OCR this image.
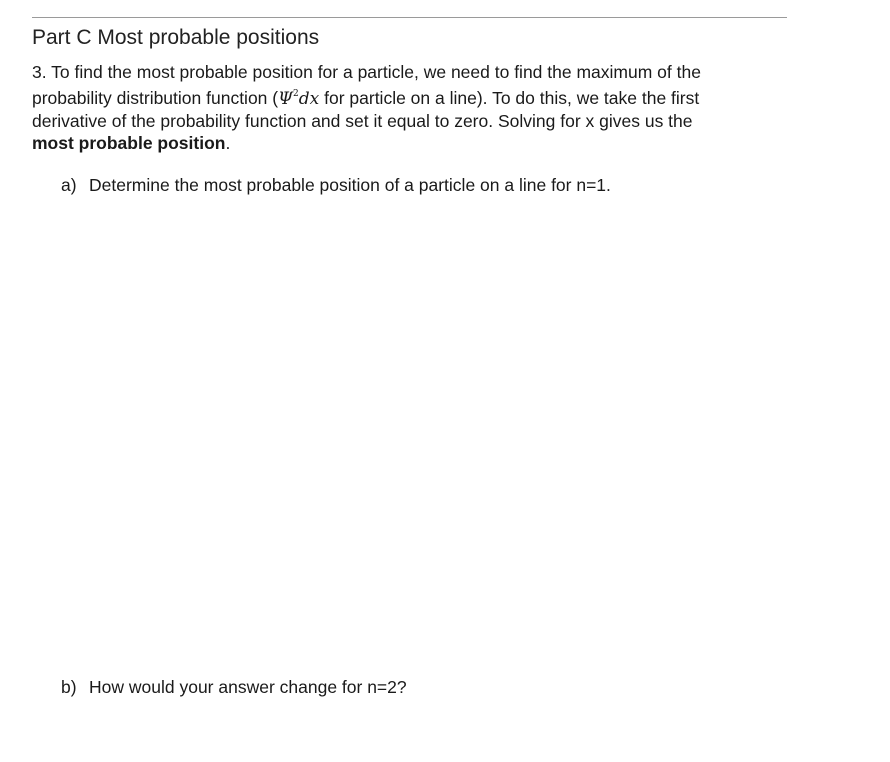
Part C Most probable positions
3. To find the most probable position for a particle, we need to find the maximum of the
probability distribution function ($\Psi^2dx$ for particle on a line). To do this, we take the first
derivative of the probability function and set it equal to zero. Solving for x gives us the
most probable position.
a) Determine the most probable position of a particle on a line for n=1.
b) How would your answer change for n=2?
